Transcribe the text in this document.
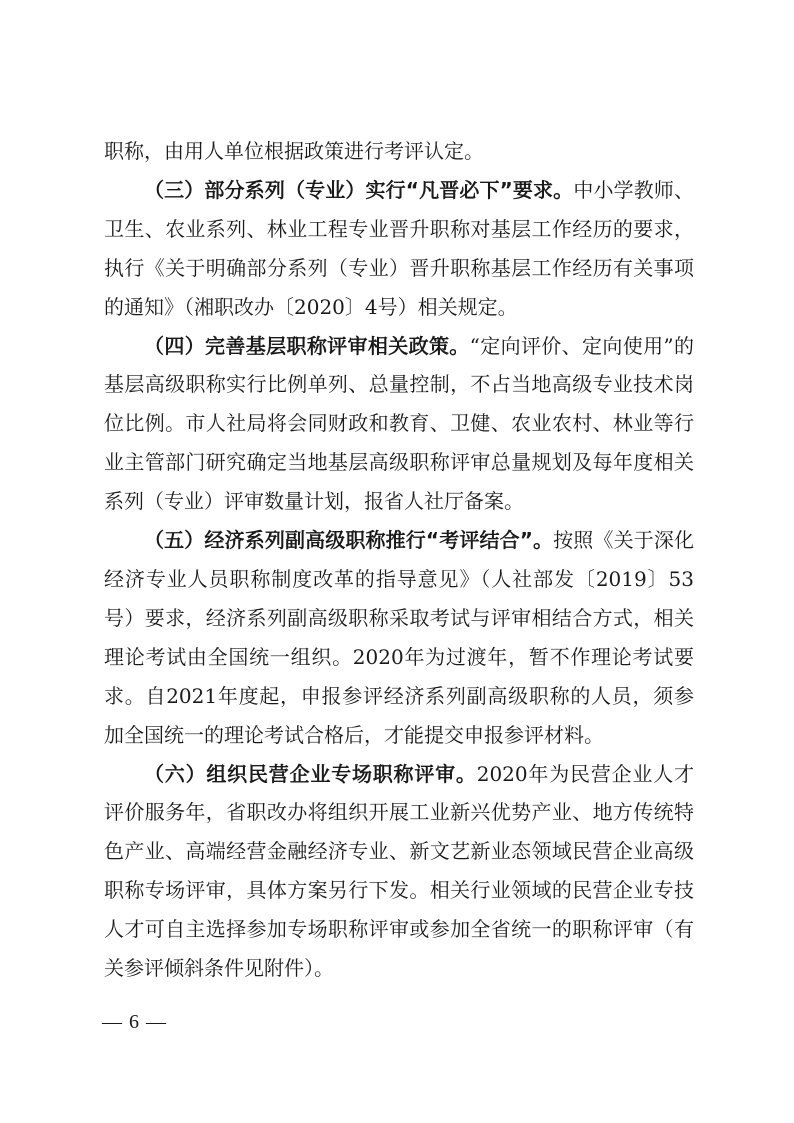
职称，由用人单位根据政策进行考评认定。

（三）部分系列（专业）实行“凡晋必下”要求。中小学教师、卫生、农业系列、林业工程专业晋升职称对基层工作经历的要求，执行《关于明确部分系列（专业）晋升职称基层工作经历有关事项的通知》（湘职改办〔2020〕4号）相关规定。

（四）完善基层职称评审相关政策。“定向评价、定向使用”的基层高级职称实行比例单列、总量控制，不占当地高级专业技术岗位比例。市人社局将会同财政和教育、卫健、农业农村、林业等行业主管部门研究确定当地基层高级职称评审总量规划及每年度相关系列（专业）评审数量计划，报省人社厅备案。

（五）经济系列副高级职称推行“考评结合”。按照《关于深化经济专业人员职称制度改革的指导意见》（人社部发〔2019〕53号）要求，经济系列副高级职称采取考试与评审相结合方式，相关理论考试由全国统一组织。2020年为过渡年，暂不作理论考试要求。自2021年度起，申报参评经济系列副高级职称的人员，须参加全国统一的理论考试合格后，才能提交申报参评材料。

（六）组织民营企业专场职称评审。2020年为民营企业人才评价服务年，省职改办将组织开展工业新兴优势产业、地方传统特色产业、高端经营金融经济专业、新文艺新业态领域民营企业高级职称专场评审，具体方案另行下发。相关行业领域的民营企业专技人才可自主选择参加专场职称评审或参加全省统一的职称评审（有关参评倾斜条件见附件）。

— 6 —
